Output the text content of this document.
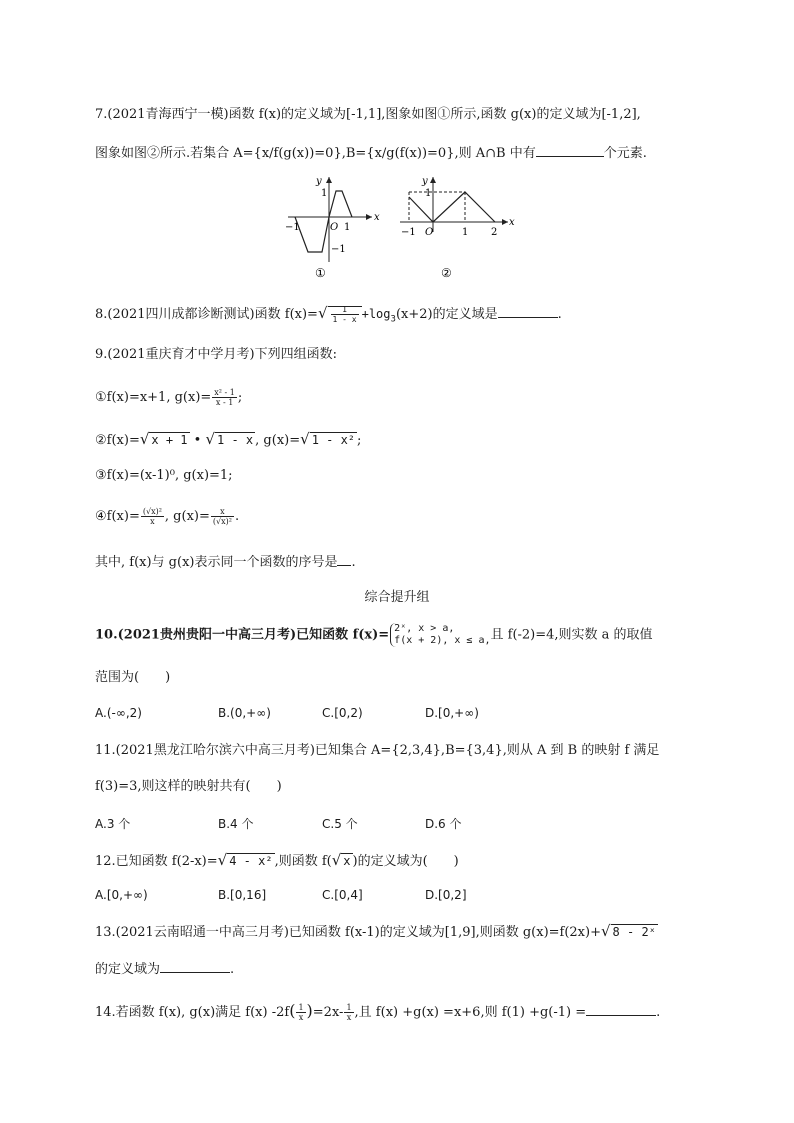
7.(2021青海西宁一模)函数 f(x)的定义域为[-1,1],图象如图①所示,函数 g(x)的定义域为[-1,2],
图象如图②所示.若集合 A={x/f(g(x))=0},B={x/g(f(x))=0},则 A∩B 中有	个元素.
y
x
1
−1	O 1
−1
①
y
x
1
−1 O	1 2
②
8.(2021四川成都诊断测试)函数 $f(x)=√ \frac{1}{1 - x} +\log_3(x+2)$的定义域是	.
9.(2021重庆育才中学月考)下列四组函数:
①f(x)=x+1, $g(x)= \frac{\text{x² - 1}}{x - 1}$ ;
②f(x)=√ x + 1 • √ 1 - x , g(x)=√ 1 - x² ;
③f(x)=(x-1)⁰, g(x)=1;
④f(x)= $\frac{\text{(√x)²}}{x}$ , $g(x)= \frac{x}{\text{(√x)²}}$ .
其中, f(x)与 g(x)表示同一个函数的序号是 .
综合提升组
10.(2021贵州贵阳一中高三月考)已知函数 f(x)= 2ˣ, x > a,
f(x + 2), x ≤ a, 且 f(-2)=4,则实数 a 的取值
范围为(　　)
A.(-∞,2)	B.(0,+∞)	C.[0,2)	D.[0,+∞)
11.(2021黑龙江哈尔滨六中高三月考)已知集合 A={2,3,4},B={3,4},则从 A 到 B 的映射 f 满足
f(3)=3,则这样的映射共有(　　)
A.3 个	B.4 个	C.5 个	D.6 个
12.已知函数 f(2-x)=√ 4 - x² ,则函数 f(√ x )的定义域为(　　)
A.[0,+∞)	B.[0,16]	C.[0,4]	D.[0,2]
13.(2021云南昭通一中高三月考)已知函数 f(x-1)的定义域为[1,9],则函数 g(x)=f(2x)+√ 8 - 2ˣ
的定义域为	.
14.若函数 f(x), g(x)满足 f(x) $-2f( \frac{1}{x} )=2x- \frac{1}{x}$ ,且 f(x) +g(x) =x+6,则 f(1) +g(-1) =	.
